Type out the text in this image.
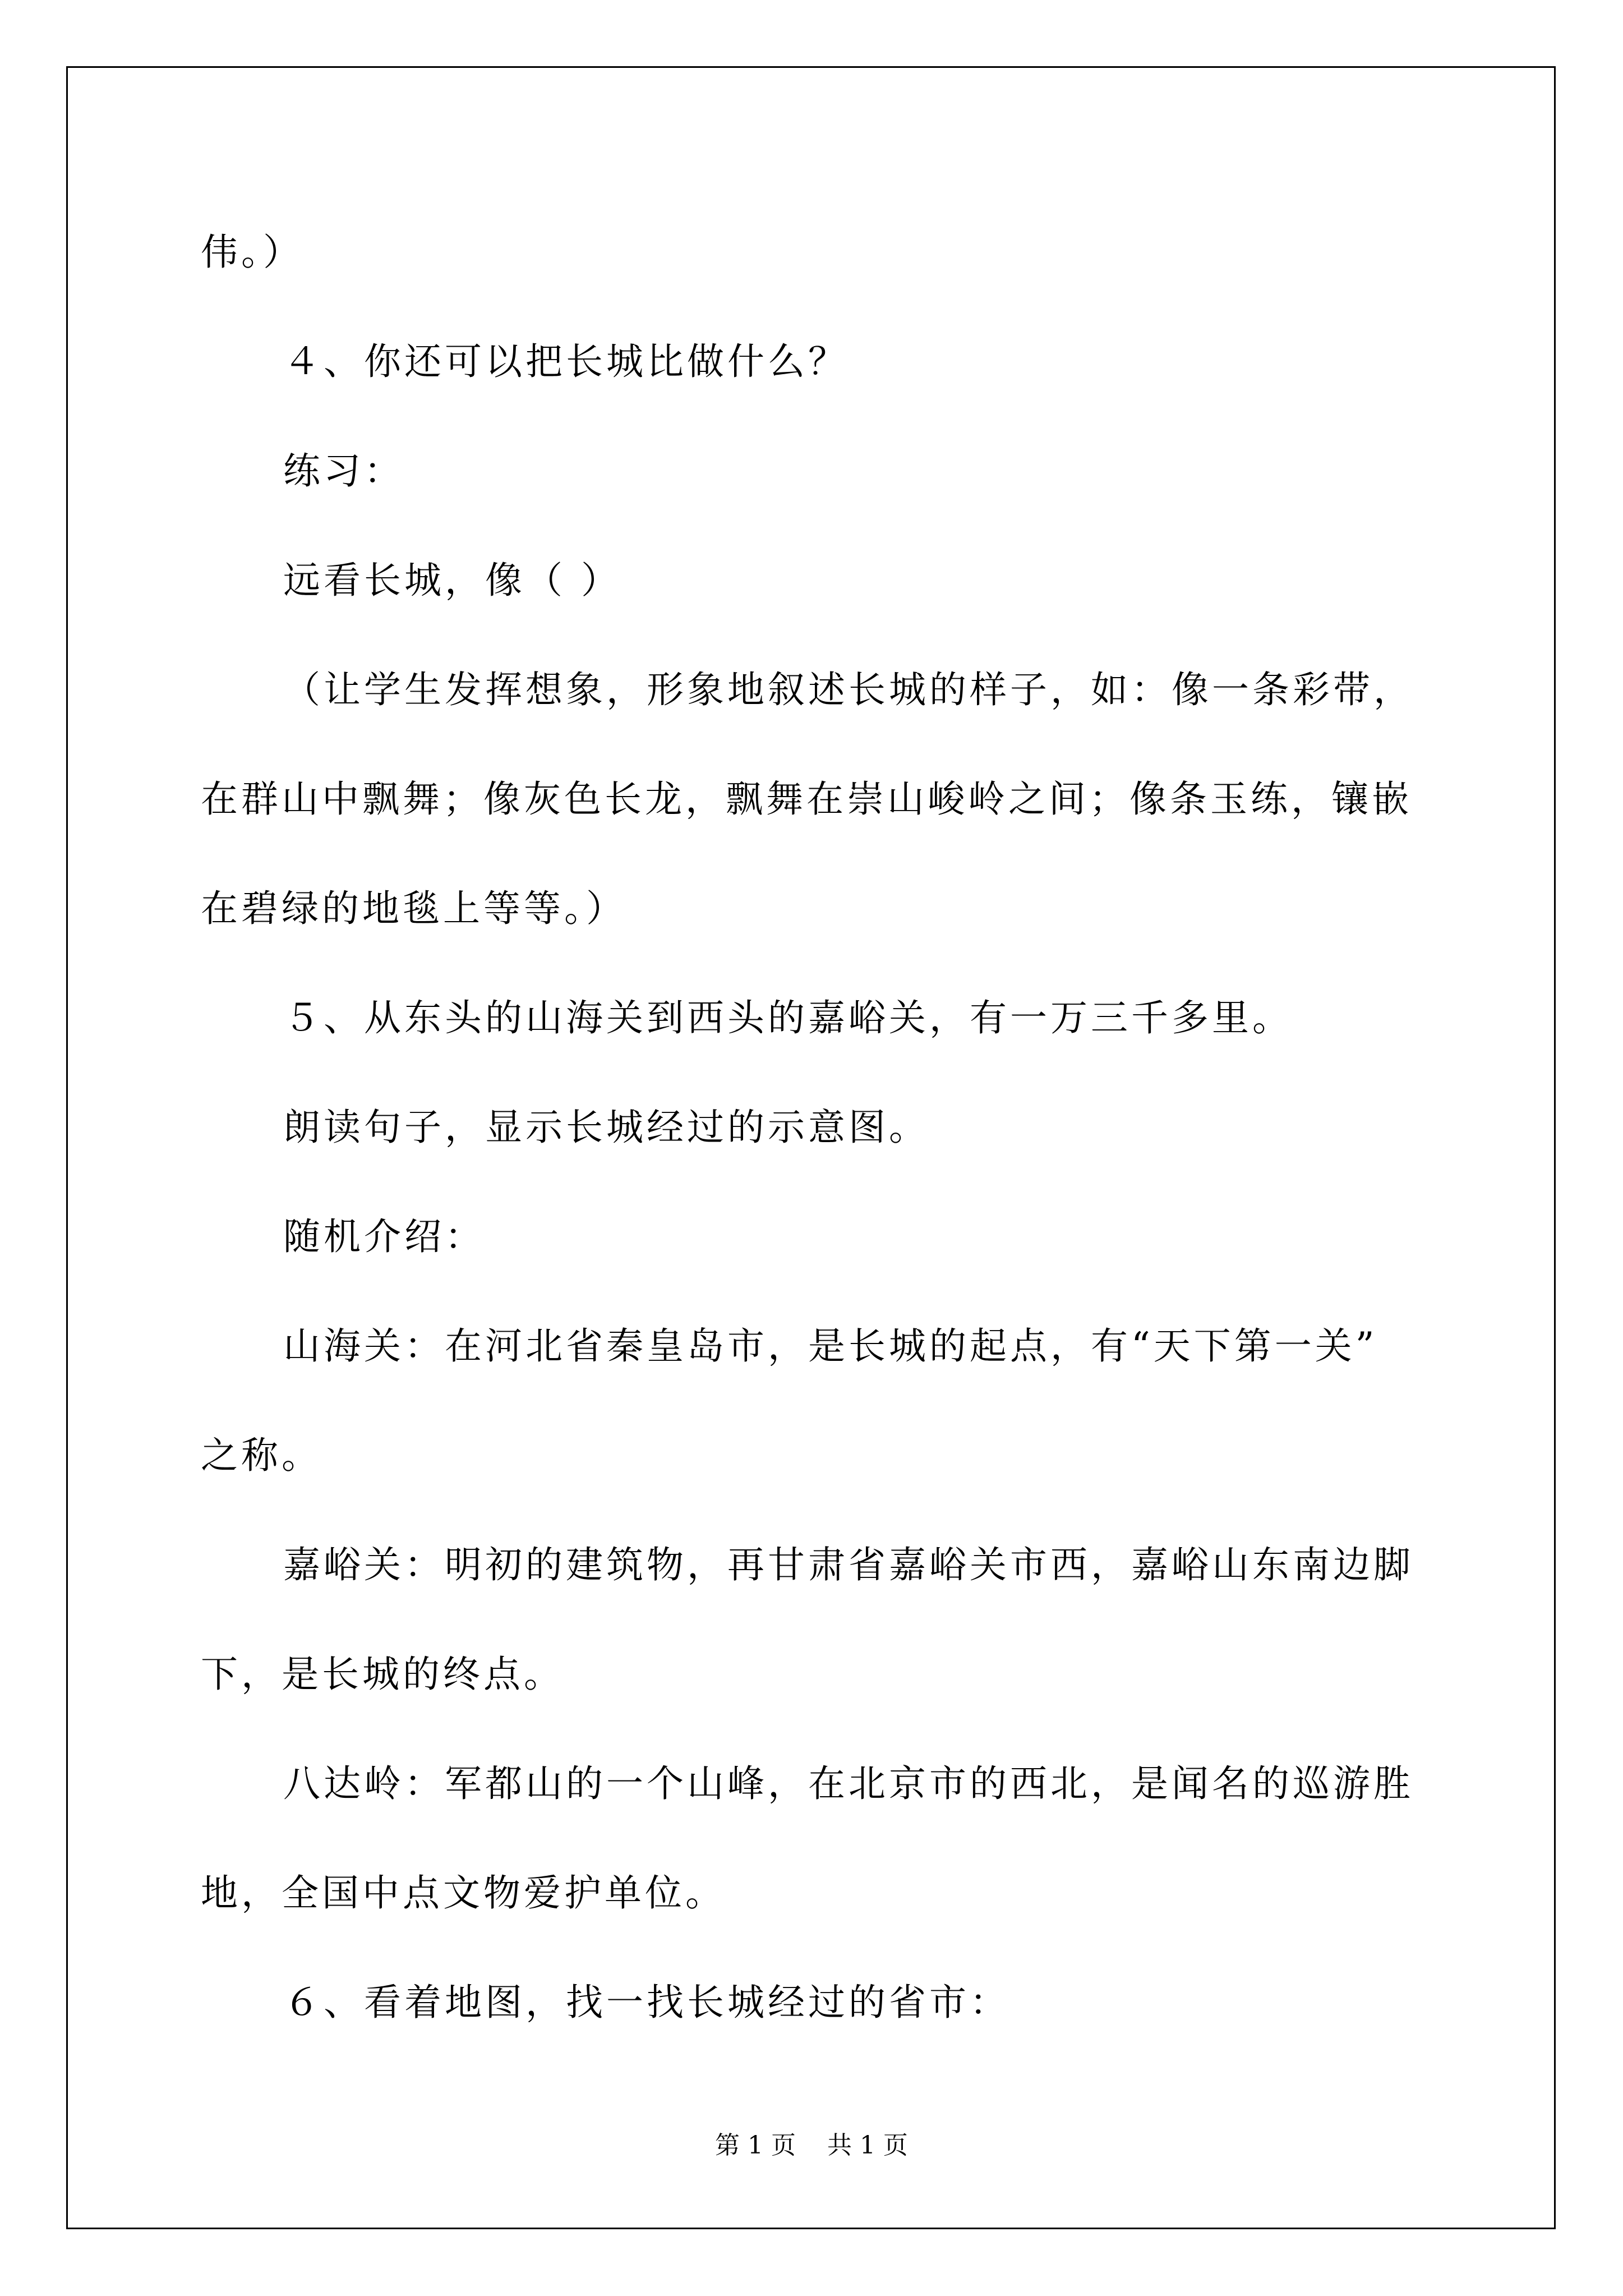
伟。）
４、你还可以把长城比做什么？
练习：
远看长城，像（ ）
（让学生发挥想象，形象地叙述长城的样子，如：像一条彩带，
在群山中飘舞；像灰色长龙，飘舞在崇山峻岭之间；像条玉练，镶嵌
在碧绿的地毯上等等。）
５、从东头的山海关到西头的嘉峪关，有一万三千多里。
朗读句子，显示长城经过的示意图。
随机介绍：
山海关：在河北省秦皇岛市，是长城的起点，有“天下第一关”
之称。
嘉峪关：明初的建筑物，再甘肃省嘉峪关市西，嘉峪山东南边脚
下，是长城的终点。
八达岭：军都山的一个山峰，在北京市的西北，是闻名的巡游胜
地，全国中点文物爱护单位。
６、看着地图，找一找长城经过的省市：
第 1 页    共 1 页
